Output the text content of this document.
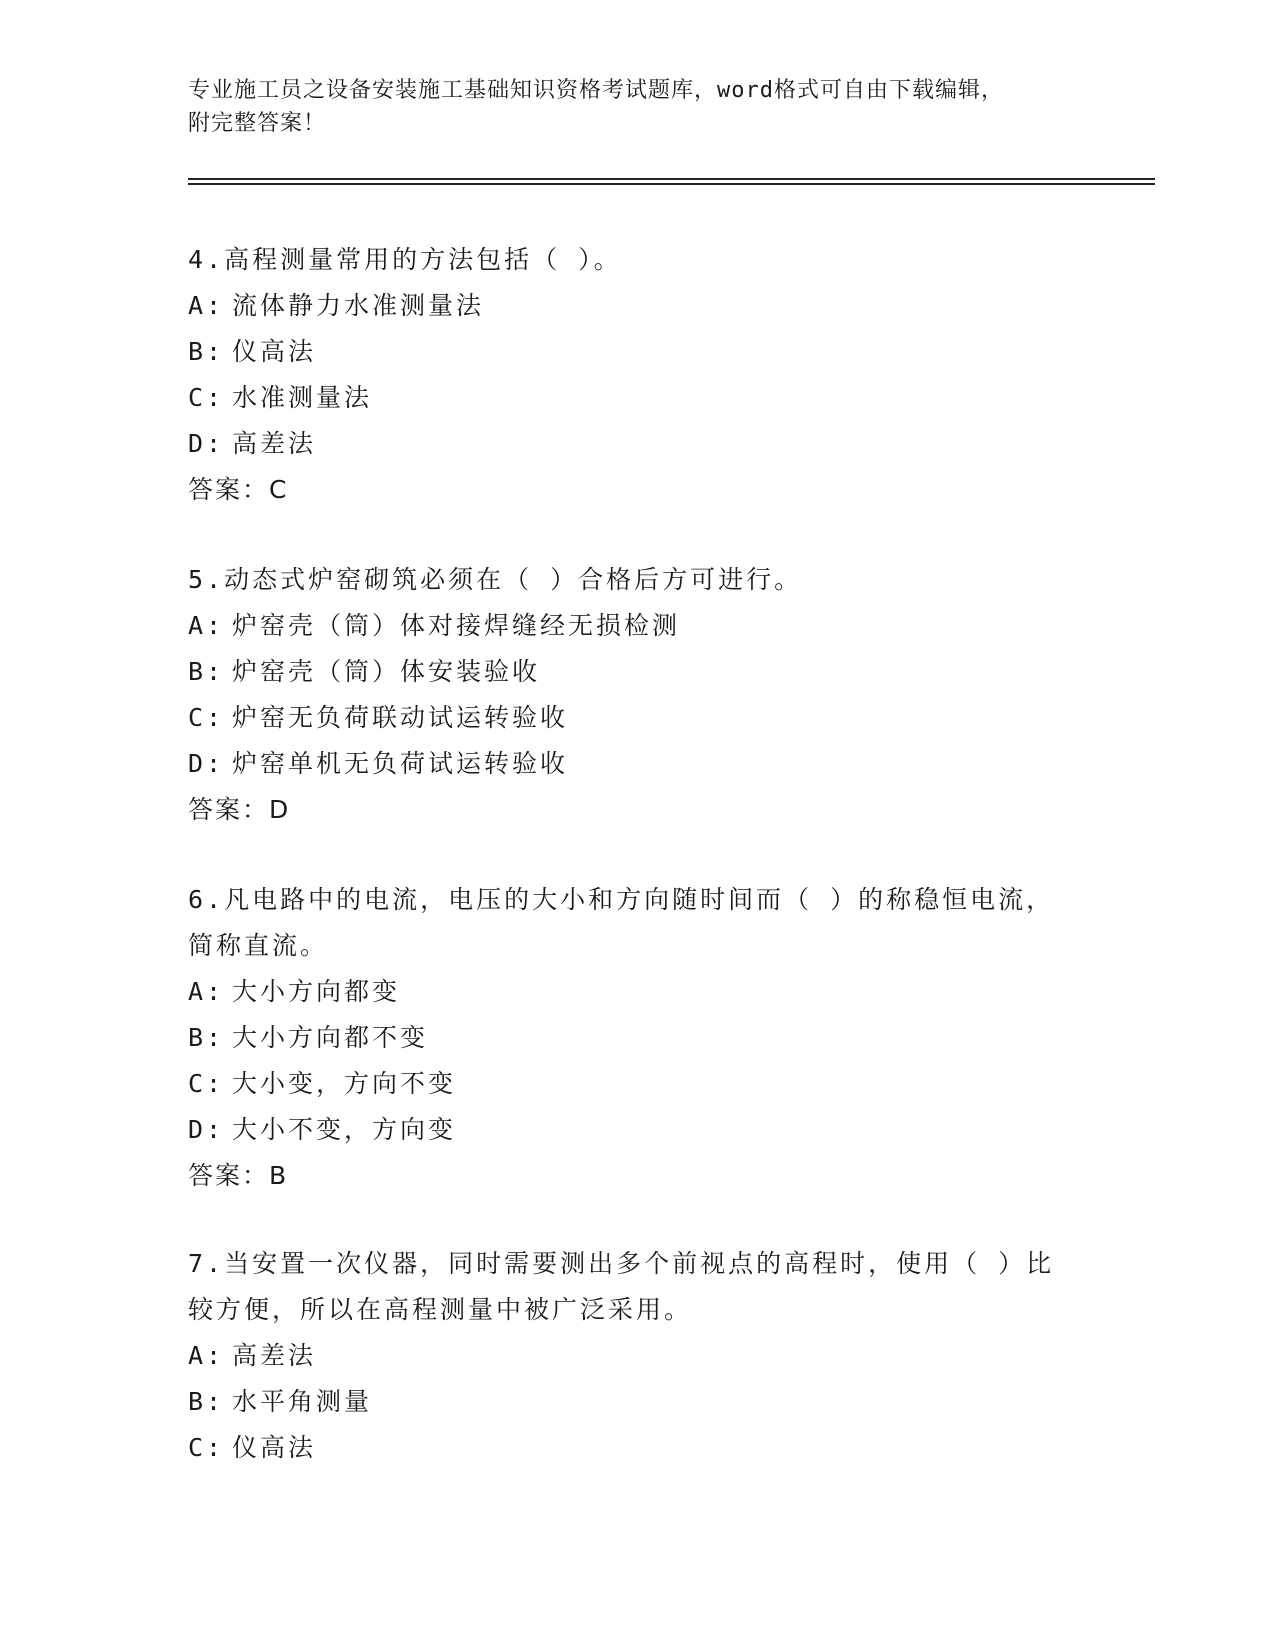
专业施工员之设备安装施工基础知识资格考试题库，word格式可自由下载编辑，
附完整答案！
4.高程测量常用的方法包括（ ）。
A: 流体静力水准测量法
B: 仪高法
C: 水准测量法
D: 高差法
答案：C
5.动态式炉窑砌筑必须在（ ）合格后方可进行。
A: 炉窑壳（筒）体对接焊缝经无损检测
B: 炉窑壳（筒）体安装验收
C: 炉窑无负荷联动试运转验收
D: 炉窑单机无负荷试运转验收
答案：D
6.凡电路中的电流，电压的大小和方向随时间而（ ）的称稳恒电流，
简称直流。
A: 大小方向都变
B: 大小方向都不变
C: 大小变，方向不变
D: 大小不变，方向变
答案：B
7.当安置一次仪器，同时需要测出多个前视点的高程时，使用（ ）比
较方便，所以在高程测量中被广泛采用。
A: 高差法
B: 水平角测量
C: 仪高法
